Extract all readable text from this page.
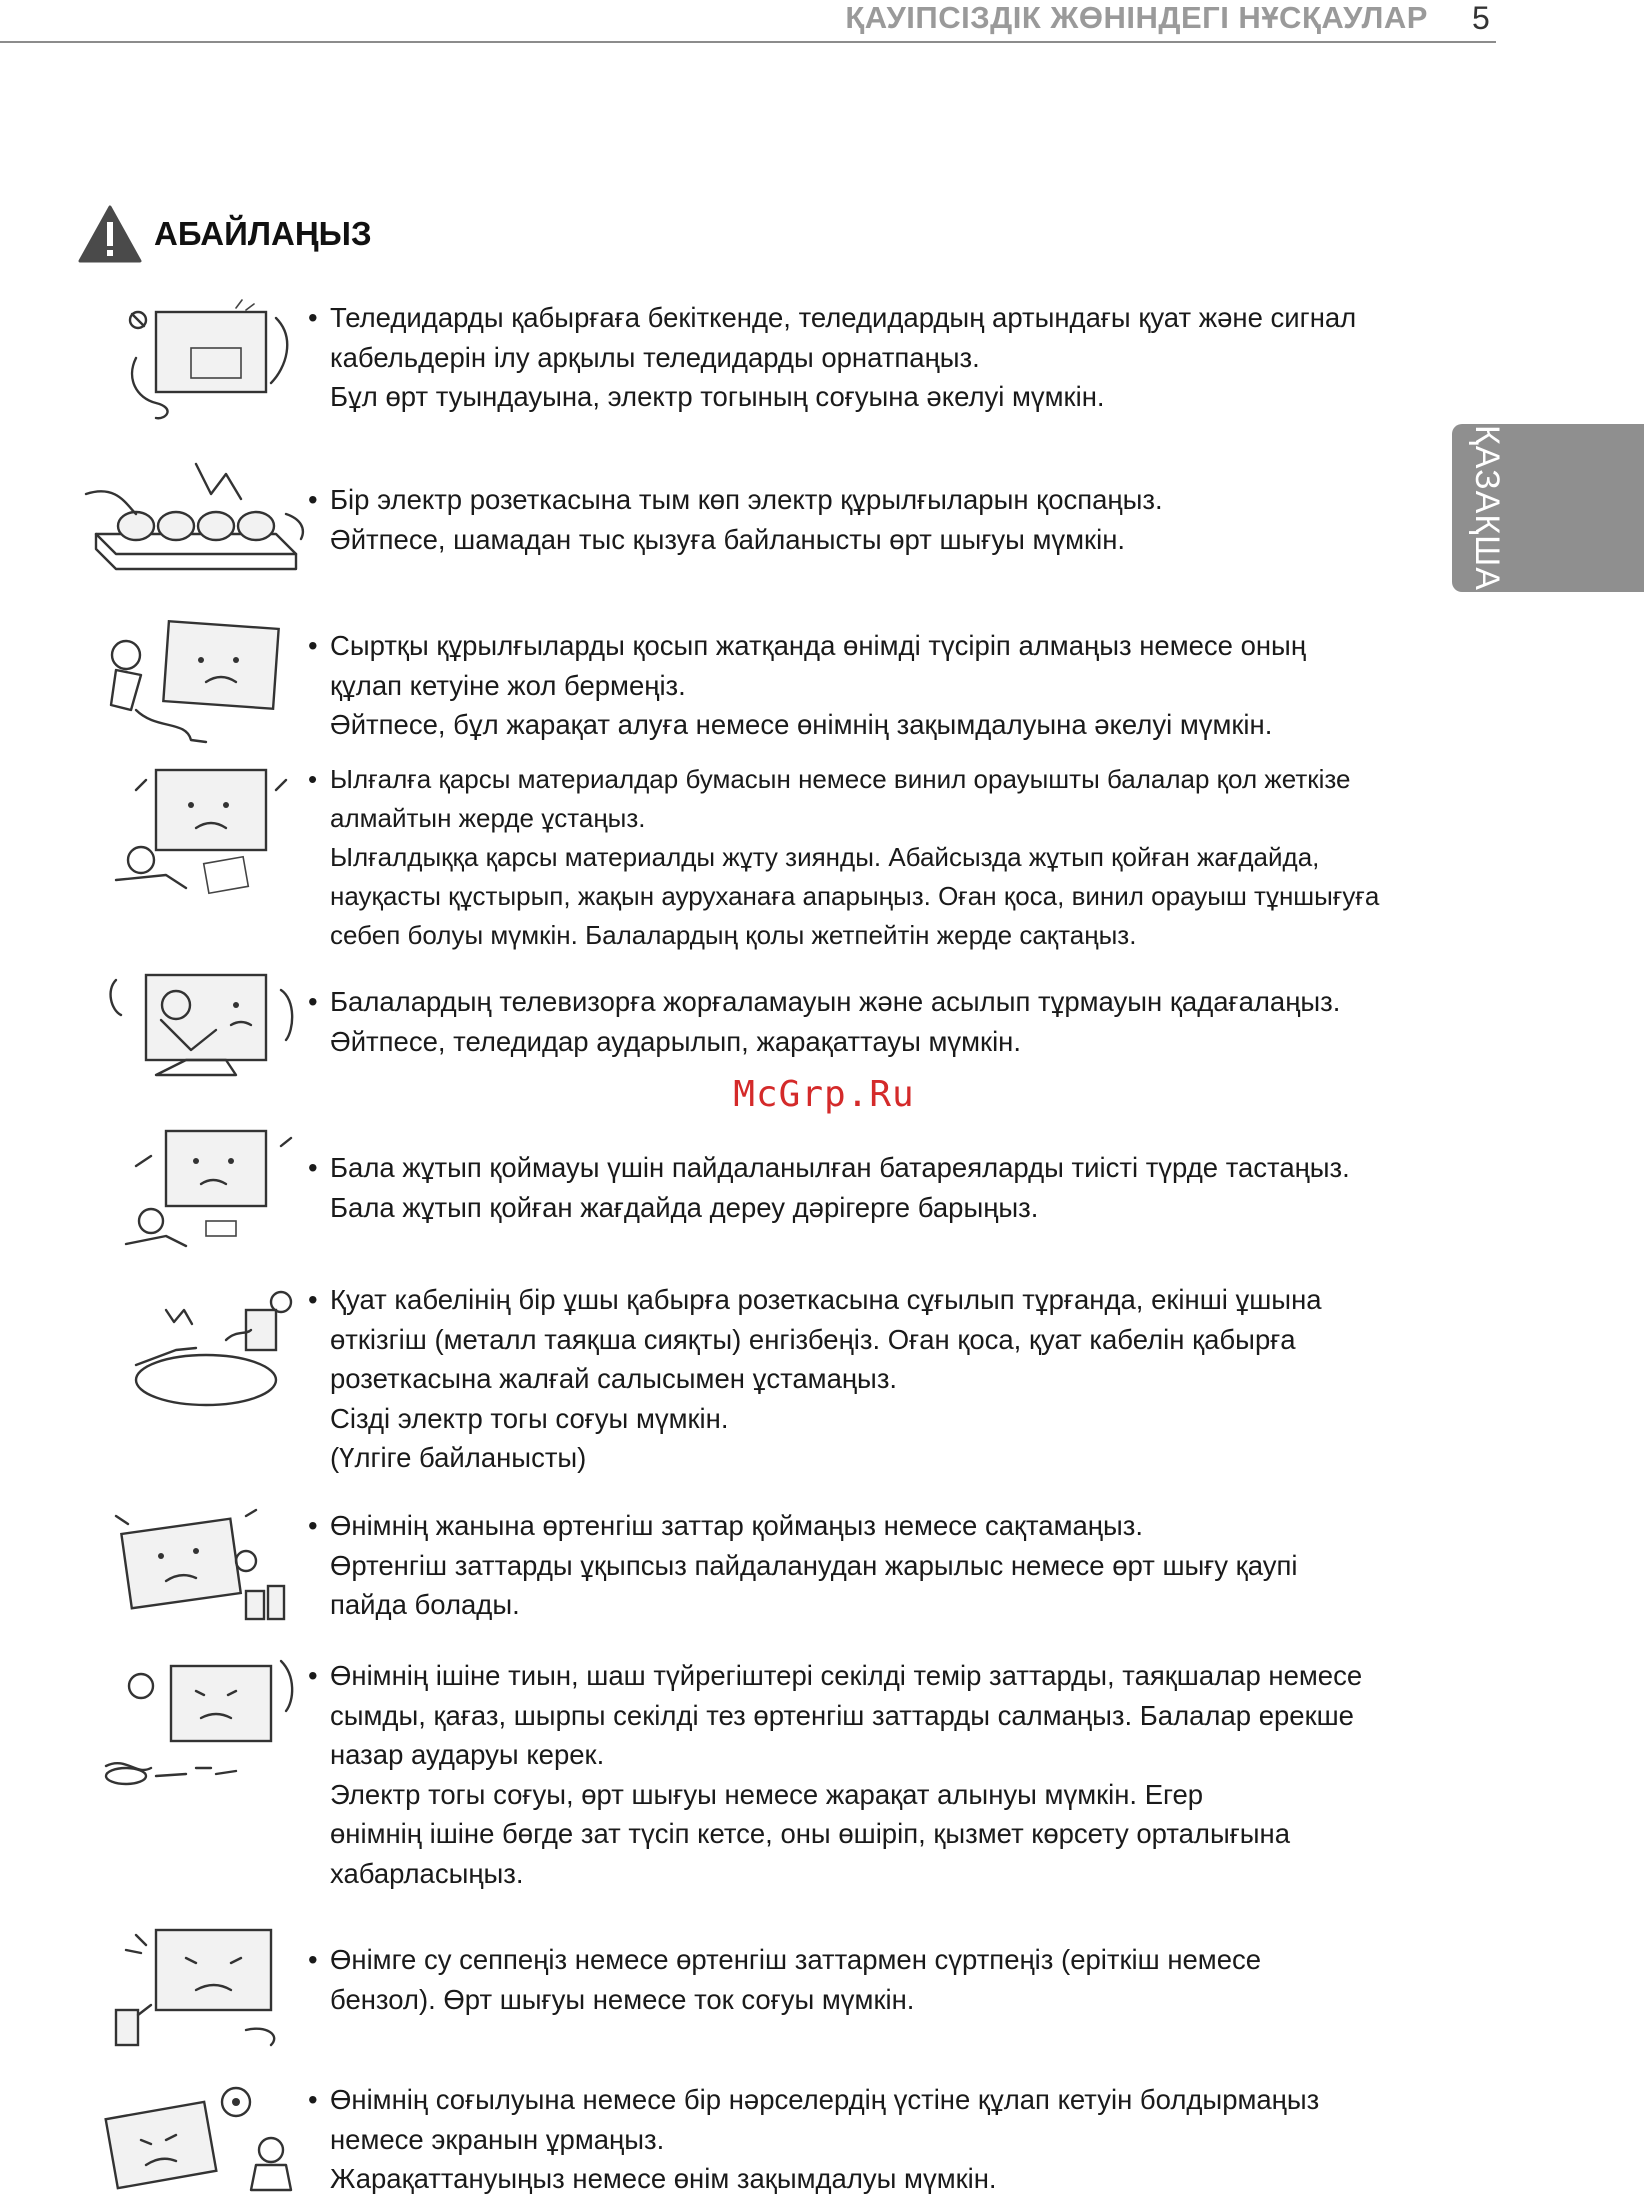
ҚАУІПСІЗДІК ЖӨНІНДЕГІ НҰСҚАУЛАР 5
ҚАЗАҚША
АБАЙЛАҢЫЗ
McGrp.Ru
• Теледидарды қабырғаға бекіткенде, теледидардың артындағы қуат және сигнал
кабельдерін ілу арқылы теледидарды орнатпаңыз.
Бұл өрт туындауына, электр тогының соғуына әкелуі мүмкін.
• Бір электр розеткасына тым көп электр құрылғыларын қоспаңыз.
Әйтпесе, шамадан тыс қызуға байланысты өрт шығуы мүмкін.
• Сыртқы құрылғыларды қосып жатқанда өнімді түсіріп алмаңыз немесе оның
құлап кетуіне жол бермеңіз.
Әйтпесе, бұл жарақат алуға немесе өнімнің зақымдалуына әкелуі мүмкін.
• Ылғалға қарсы материалдар бумасын немесе винил орауышты балалар қол жеткізе
алмайтын жерде ұстаңыз.
Ылғалдыққа қарсы материалды жұту зиянды. Абайсызда жұтып қойған жағдайда,
науқасты құстырып, жақын ауруханаға апарыңыз. Оған қоса, винил орауыш тұншығуға
себеп болуы мүмкін. Балалардың қолы жетпейтін жерде сақтаңыз.
• Балалардың телевизорға жорғаламауын және асылып тұрмауын қадағалаңыз.
Әйтпесе, теледидар аударылып, жарақаттауы мүмкін.
• Бала жұтып қоймауы үшін пайдаланылған батареяларды тиісті түрде тастаңыз.
Бала жұтып қойған жағдайда дереу дәрігерге барыңыз.
• Қуат кабелінің бір ұшы қабырға розеткасына сұғылып тұрғанда, екінші ұшына
өткізгіш (металл таяқша сияқты) енгізбеңіз. Оған қоса, қуат кабелін қабырға
розеткасына жалғай салысымен ұстамаңыз.
Сізді электр тогы соғуы мүмкін.
(Үлгіге байланысты)
• Өнімнің жанына өртенгіш заттар қоймаңыз немесе сақтамаңыз.
Өртенгіш заттарды ұқыпсыз пайдаланудан жарылыс немесе өрт шығу қаупі
пайда болады.
• Өнімнің ішіне тиын, шаш түйрегіштері секілді темір заттарды, таяқшалар немесе
сымды, қағаз, шырпы секілді тез өртенгіш заттарды салмаңыз. Балалар ерекше
назар аударуы керек.
Электр тогы соғуы, өрт шығуы немесе жарақат алынуы мүмкін. Егер
өнімнің ішіне бөгде зат түсіп кетсе, оны өшіріп, қызмет көрсету орталығына
хабарласыңыз.
• Өнімге су сеппеңіз немесе өртенгіш заттармен сүртпеңіз (еріткіш немесе
бензол). Өрт шығуы немесе ток соғуы мүмкін.
• Өнімнің соғылуына немесе бір нәрселердің үстіне құлап кетуін болдырмаңыз
немесе экранын ұрмаңыз.
Жарақаттануыңыз немесе өнім зақымдалуы мүмкін.
